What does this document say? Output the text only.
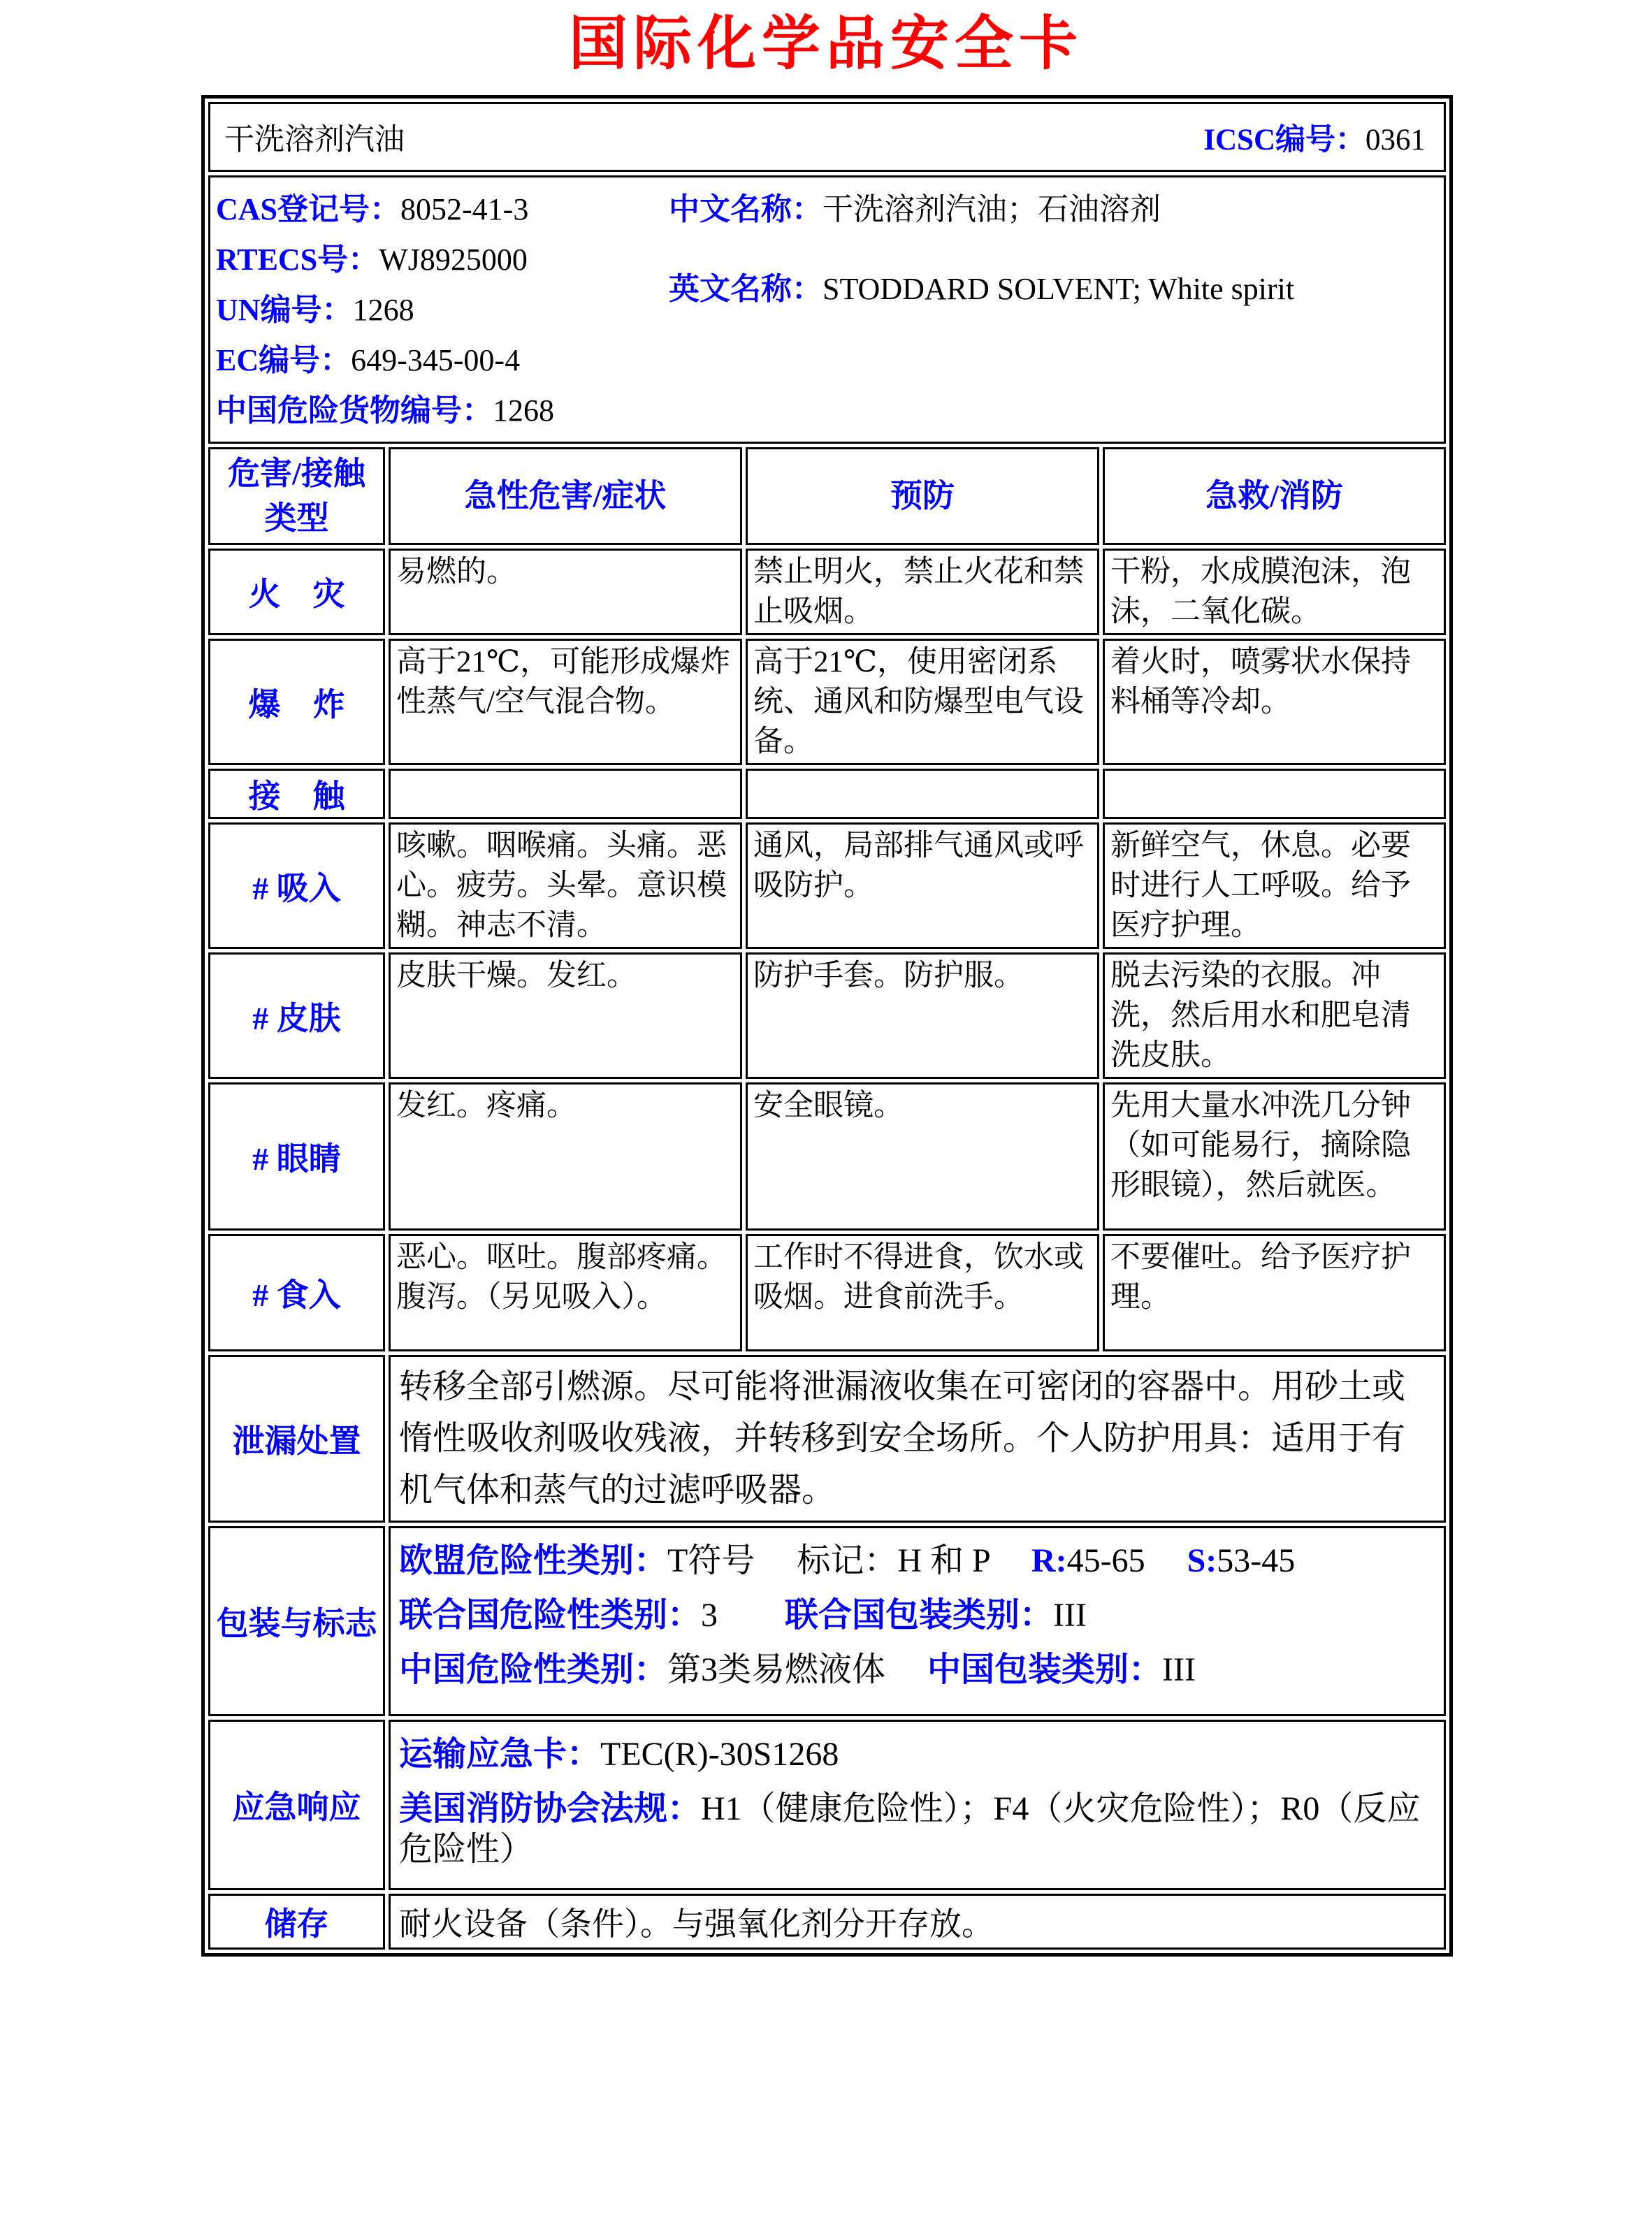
国际化学品安全卡
干洗溶剂汽油 ICSC编号：0361			

CAS登记号：8052-41-3
RTECS号：WJ8925000
UN编号：1268
EC编号：649-345-00-4
中国危险货物编号：1268
中文名称：干洗溶剂汽油；石油溶剂
英文名称：STODDARD SOLVENT; White spirit

危害/接触类型	急性危害/症状	预防	急救/消防
火　灾	易燃的。	禁止明火，禁止火花和禁止吸烟。	干粉，水成膜泡沫，泡沫，二氧化碳。
爆　炸	高于21℃，可能形成爆炸性蒸气/空气混合物。	高于21℃，使用密闭系统、通风和防爆型电气设备。	着火时，喷雾状水保持料桶等冷却。
接　触			
# 吸入	咳嗽。咽喉痛。头痛。恶心。疲劳。头晕。意识模糊。神志不清。	通风，局部排气通风或呼吸防护。	新鲜空气，休息。必要时进行人工呼吸。给予医疗护理。
# 皮肤	皮肤干燥。发红。	防护手套。防护服。	脱去污染的衣服。冲洗，然后用水和肥皂清洗皮肤。
# 眼睛	发红。疼痛。	安全眼镜。	先用大量水冲洗几分钟（如可能易行，摘除隐形眼镜），然后就医。
# 食入	恶心。呕吐。腹部疼痛。腹泻。（另见吸入）。	工作时不得进食，饮水或吸烟。进食前洗手。	不要催吐。给予医疗护理。
泄漏处置	转移全部引燃源。尽可能将泄漏液收集在可密闭的容器中。用砂土或惰性吸收剂吸收残液，并转移到安全场所。个人防护用具：适用于有机气体和蒸气的过滤呼吸器。		
包装与标志	欧盟危险性类别：T符号　 标记：H 和 P　 R:45-65　 S:53-45
联合国危险性类别：3　　联合国包装类别：III
中国危险性类别：第3类易燃液体　 中国包装类别：III		

应急响应	运输应急卡：TEC(R)-30S1268
美国消防协会法规：H1（健康危险性）；F4（火灾危险性）；R0（反应危险性）		

储存	耐火设备（条件）。与强氧化剂分开存放。		
